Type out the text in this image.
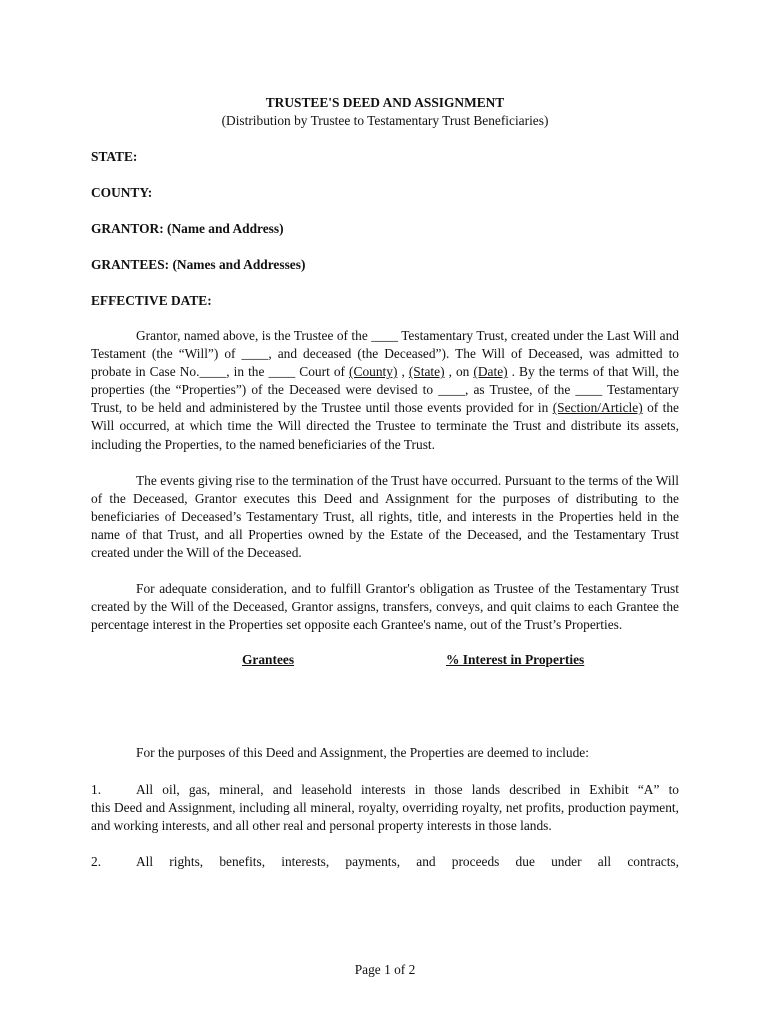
TRUSTEE'S DEED AND ASSIGNMENT
(Distribution by Trustee to Testamentary Trust Beneficiaries)
STATE:
COUNTY:
GRANTOR: (Name and Address)
GRANTEES: (Names and Addresses)
EFFECTIVE DATE:

Grantor, named above, is the Trustee of the ____ Testamentary Trust, created under the Last Will and Testament (the “Will”) of ____, and deceased (the Deceased”). The Will of Deceased, was admitted to probate in Case No.____, in the ____ Court of (County) , (State) , on (Date) . By the terms of that Will, the properties (the “Properties”) of the Deceased were devised to ____, as Trustee, of the ____ Testamentary Trust, to be held and administered by the Trustee until those events provided for in (Section/Article) of the Will occurred, at which time the Will directed the Trustee to terminate the Trust and distribute its assets, including the Properties, to the named beneficiaries of the Trust.

The events giving rise to the termination of the Trust have occurred. Pursuant to the terms of the Will of the Deceased, Grantor executes this Deed and Assignment for the purposes of distributing to the beneficiaries of Deceased’s Testamentary Trust, all rights, title, and interests in the Properties held in the name of that Trust, and all Properties owned by the Estate of the Deceased, and the Testamentary Trust created under the Will of the Deceased.

For adequate consideration, and to fulfill Grantor's obligation as Trustee of the Testamentary Trust created by the Will of the Deceased, Grantor assigns, transfers, conveys, and quit claims to each Grantee the percentage interest in the Properties set opposite each Grantee's name, out of the Trust’s Properties.

Grantees	% Interest in Properties

For the purposes of this Deed and Assignment, the Properties are deemed to include:

1.	All oil, gas, mineral, and leasehold interests in those lands described in Exhibit “A” to
this Deed and Assignment, including all mineral, royalty, overriding royalty, net profits, production payment, and working interests, and all other real and personal property interests in those lands.
2.	All rights, benefits, interests, payments, and proceeds due under all contracts,
Page 1 of 2
